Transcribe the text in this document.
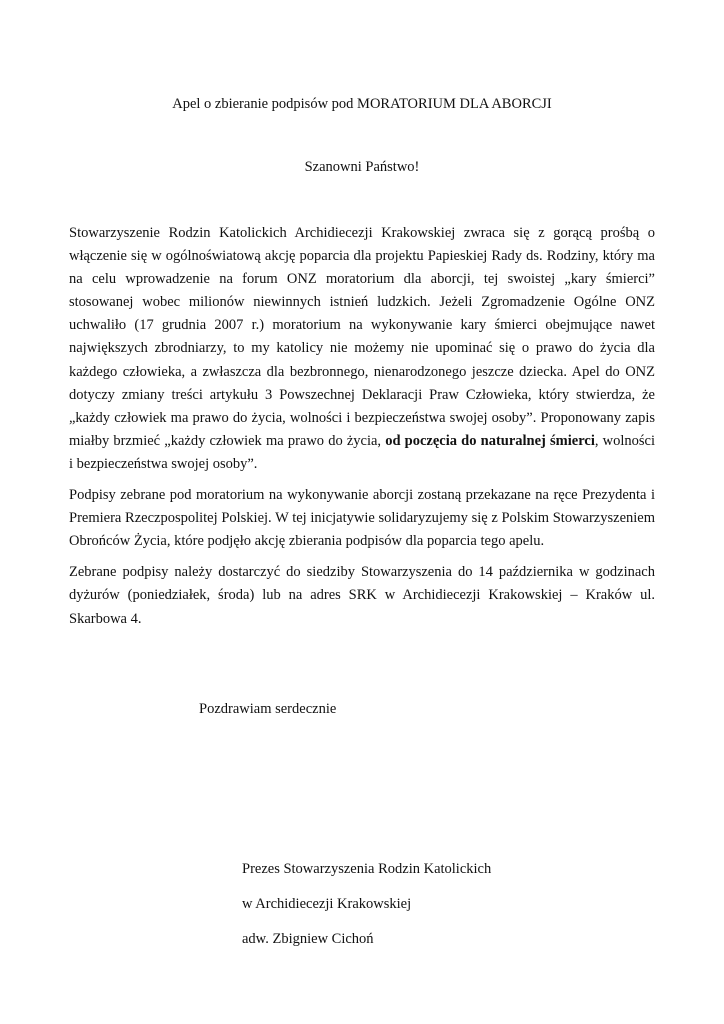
Apel o zbieranie podpisów pod MORATORIUM DLA ABORCJI
Szanowni Państwo!

Stowarzyszenie Rodzin Katolickich Archidiecezji Krakowskiej zwraca się z gorącą prośbą o włączenie się w ogólnoświatową akcję poparcia dla projektu Papieskiej Rady ds. Rodziny, który ma na celu wprowadzenie na forum ONZ moratorium dla aborcji, tej swoistej „kary śmierci” stosowanej wobec milionów niewinnych istnień ludzkich. Jeżeli Zgromadzenie Ogólne ONZ uchwaliło (17 grudnia 2007 r.) moratorium na wykonywanie kary śmierci obejmujące nawet największych zbrodniarzy, to my katolicy nie możemy nie upominać się o prawo do życia dla każdego człowieka, a zwłaszcza dla bezbronnego, nienarodzonego jeszcze dziecka. Apel do ONZ dotyczy zmiany treści artykułu 3 Powszechnej Deklaracji Praw Człowieka, który stwierdza, że „każdy człowiek ma prawo do życia, wolności i bezpieczeństwa swojej osoby”. Proponowany zapis miałby brzmieć „każdy człowiek ma prawo do życia, od poczęcia do naturalnej śmierci, wolności i bezpieczeństwa swojej osoby”.

Podpisy zebrane pod moratorium na wykonywanie aborcji zostaną przekazane na ręce Prezydenta i Premiera Rzeczpospolitej Polskiej. W tej inicjatywie solidaryzujemy się z Polskim Stowarzyszeniem Obrońców Życia, które podjęło akcję zbierania podpisów dla poparcia tego apelu.

Zebrane podpisy należy dostarczyć do siedziby Stowarzyszenia do 14 października w godzinach dyżurów (poniedziałek, środa) lub na adres SRK w Archidiecezji Krakowskiej – Kraków ul. Skarbowa 4.

Pozdrawiam serdecznie
Prezes Stowarzyszenia Rodzin Katolickich
w Archidiecezji Krakowskiej
adw. Zbigniew Cichoń
